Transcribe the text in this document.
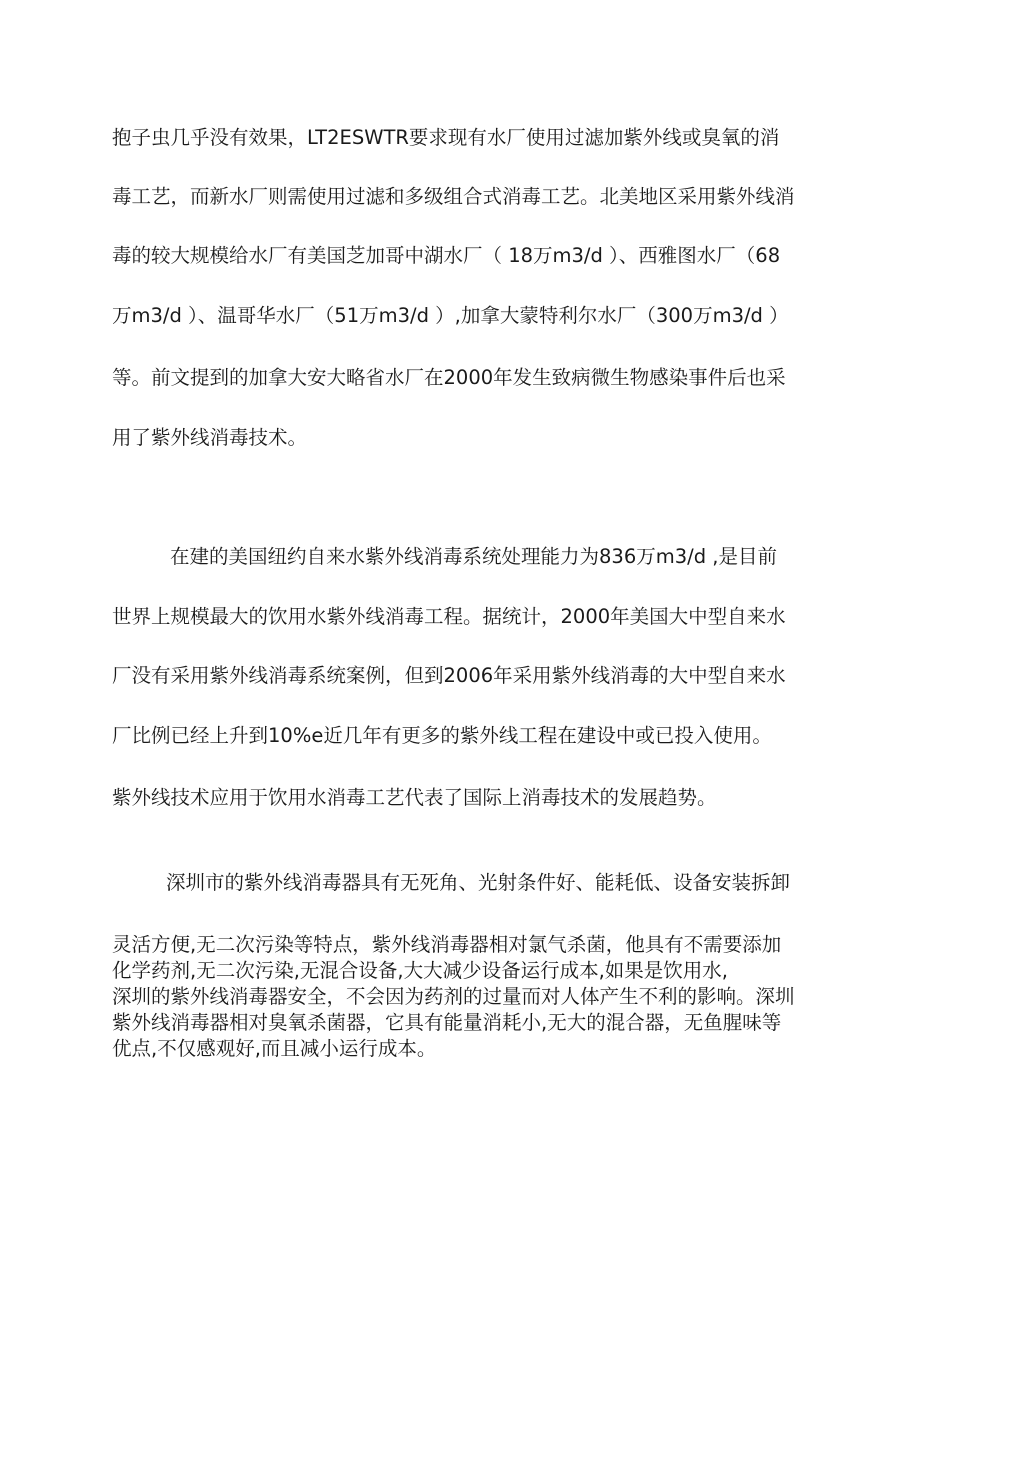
抱子虫几乎没有效果，LT2ESWTR要求现有水厂使用过滤加紫外线或臭氧的消
毒工艺，而新水厂则需使用过滤和多级组合式消毒工艺。北美地区采用紫外线消
毒的较大规模给水厂有美国芝加哥中湖水厂（ 18万m3/d ）、西雅图水厂（68
万m3/d ）、温哥华水厂（51万m3/d ）,加拿大蒙特利尔水厂（300万m3/d ）
等。前文提到的加拿大安大略省水厂在2000年发生致病微生物感染事件后也采
用了紫外线消毒技术。
在建的美国纽约自来水紫外线消毒系统处理能力为836万m3/d ,是目前
世界上规模最大的饮用水紫外线消毒工程。据统计，2000年美国大中型自来水
厂没有采用紫外线消毒系统案例，但到2006年采用紫外线消毒的大中型自来水
厂比例已经上升到10%e近几年有更多的紫外线工程在建设中或已投入使用。
紫外线技术应用于饮用水消毒工艺代表了国际上消毒技术的发展趋势。
深圳市的紫外线消毒器具有无死角、光射条件好、能耗低、设备安装拆卸
灵活方便,无二次污染等特点，紫外线消毒器相对氯气杀菌，他具有不需要添加
化学药剂,无二次污染,无混合设备,大大减少设备运行成本,如果是饮用水,
深圳的紫外线消毒器安全，不会因为药剂的过量而对人体产生不利的影响。深圳
紫外线消毒器相对臭氧杀菌器，它具有能量消耗小,无大的混合器，无鱼腥味等
优点,不仅感观好,而且减小运行成本。
